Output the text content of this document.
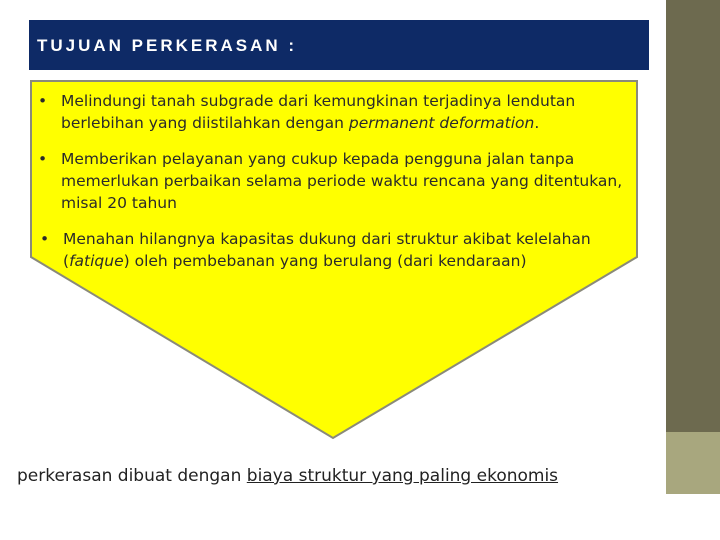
TUJUAN PERKERASAN :
• Melindungi tanah subgrade dari kemungkinan terjadinya lendutan berlebihan yang diistilahkan dengan permanent deformation.
• Memberikan pelayanan yang cukup kepada pengguna jalan tanpa memerlukan perbaikan selama periode waktu rencana yang ditentukan, misal 20 tahun
• Menahan hilangnya kapasitas dukung dari struktur akibat kelelahan (fatique) oleh pembebanan yang berulang (dari kendaraan)
perkerasan dibuat dengan biaya struktur yang paling ekonomis
